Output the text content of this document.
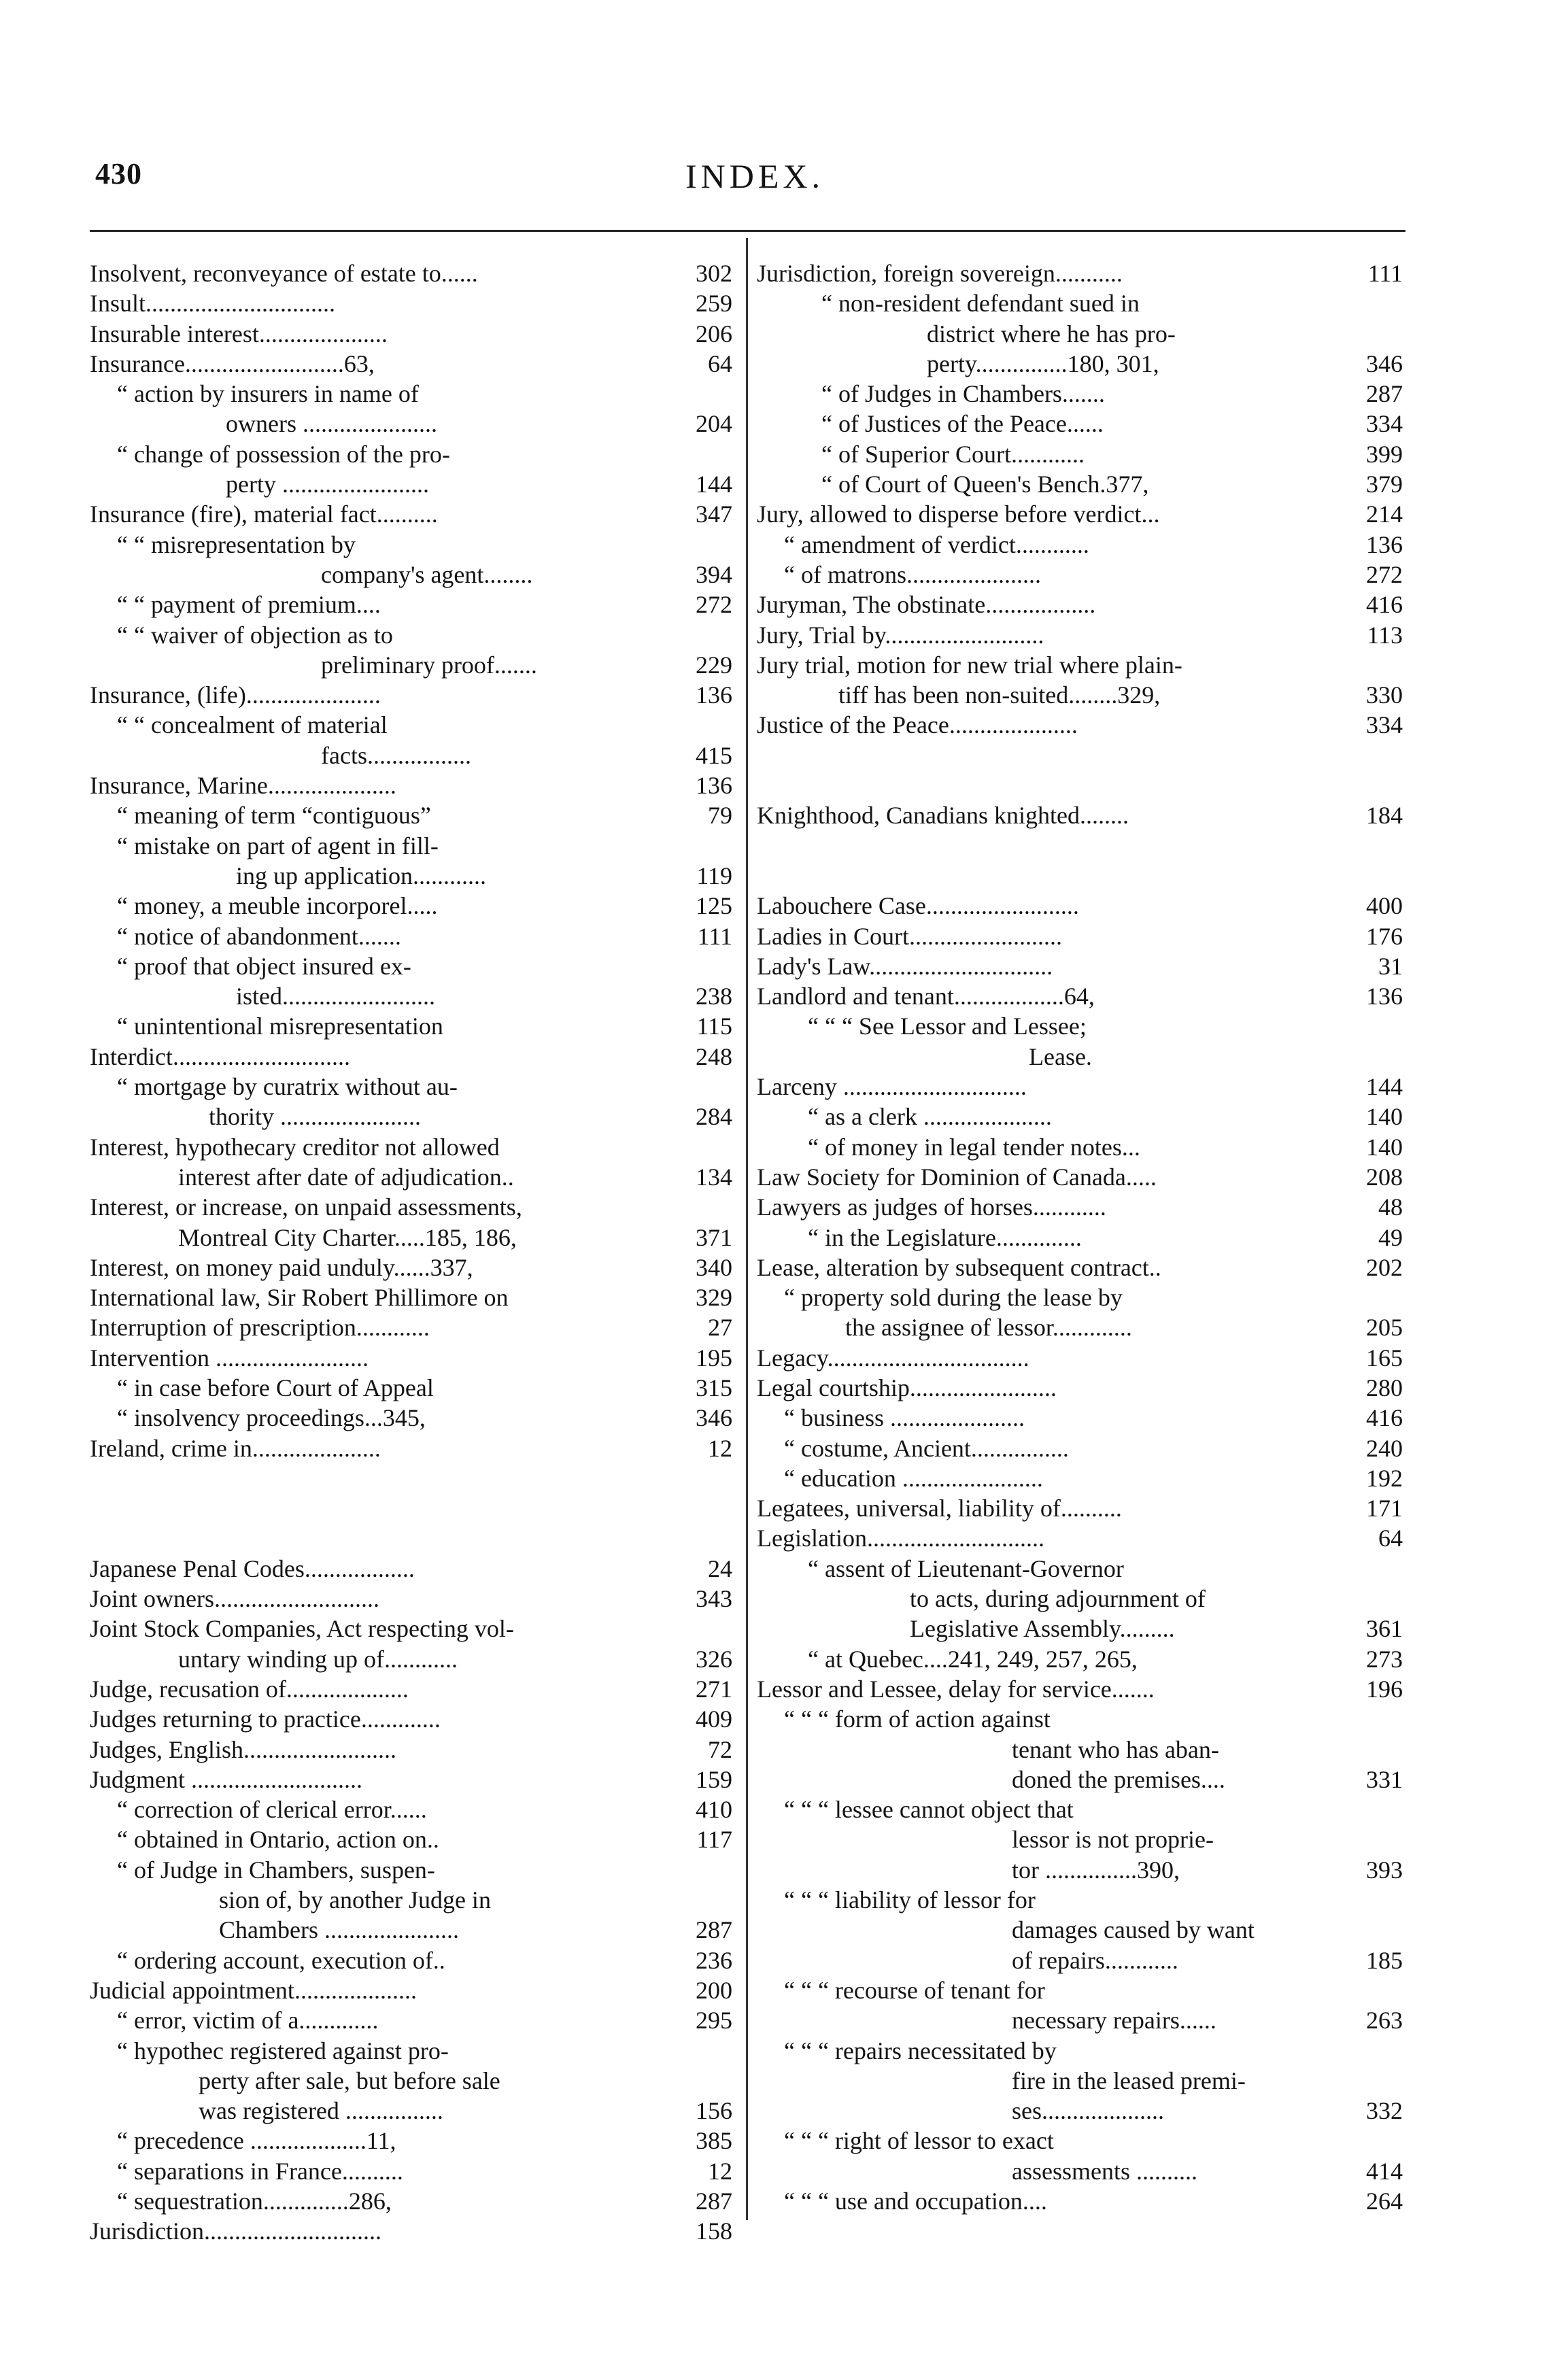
430	INDEX.
Insolvent, reconveyance of estate to......	302
Insult...............................	259
Insurable interest.....................	206
Insurance..........................63,	64
“ action by insurers in name of
owners ......................	204
“ change of possession of the pro-
perty ........................	144
Insurance (fire), material fact..........	347
“ “ misrepresentation by
company's agent........	394
“ “ payment of premium....	272
“ “ waiver of objection as to
preliminary proof.......	229
Insurance, (life)......................	136
“ “ concealment of material
facts.................	415
Insurance, Marine.....................	136
“ meaning of term “contiguous”	79
“ mistake on part of agent in fill-
ing up application............	119
“ money, a meuble incorporel.....	125
“ notice of abandonment.......	111
“ proof that object insured ex-
isted.........................	238
“ unintentional misrepresentation	115
Interdict.............................	248
“ mortgage by curatrix without au-
thority .......................	284
Interest, hypothecary creditor not allowed
interest after date of adjudication..	134
Interest, or increase, on unpaid assessments,
Montreal City Charter.....185, 186,	371
Interest, on money paid unduly......337,	340
International law, Sir Robert Phillimore on	329
Interruption of prescription............	27
Intervention .........................	195
“ in case before Court of Appeal	315
“ insolvency proceedings...345,	346
Ireland, crime in.....................	12
Japanese Penal Codes..................	24
Joint owners...........................	343
Joint Stock Companies, Act respecting vol-
untary winding up of............	326
Judge, recusation of....................	271
Judges returning to practice.............	409
Judges, English.........................	72
Judgment ............................	159
“ correction of clerical error......	410
“ obtained in Ontario, action on..	117
“ of Judge in Chambers, suspen-
sion of, by another Judge in
Chambers ......................	287
“ ordering account, execution of..	236
Judicial appointment....................	200
“ error, victim of a.............	295
“ hypothec registered against pro-
perty after sale, but before sale
was registered ................	156
“ precedence ...................11,	385
“ separations in France..........	12
“ sequestration..............286,	287
Jurisdiction.............................	158
Jurisdiction, foreign sovereign...........	111
“ non-resident defendant sued in
district where he has pro-
perty...............180, 301,	346
“ of Judges in Chambers.......	287
“ of Justices of the Peace......	334
“ of Superior Court............	399
“ of Court of Queen's Bench.377,	379
Jury, allowed to disperse before verdict...	214
“ amendment of verdict............	136
“ of matrons......................	272
Juryman, The obstinate..................	416
Jury, Trial by..........................	113
Jury trial, motion for new trial where plain-
tiff has been non-suited........329,	330
Justice of the Peace.....................	334
Knighthood, Canadians knighted........	184
Labouchere Case.........................	400
Ladies in Court.........................	176
Lady's Law..............................	31
Landlord and tenant..................64,	136
“ “ “ See Lessor and Lessee;
Lease.
Larceny ..............................	144
“ as a clerk .....................	140
“ of money in legal tender notes...	140
Law Society for Dominion of Canada.....	208
Lawyers as judges of horses............	48
“ in the Legislature..............	49
Lease, alteration by subsequent contract..	202
“ property sold during the lease by
the assignee of lessor.............	205
Legacy.................................	165
Legal courtship........................	280
“ business ......................	416
“ costume, Ancient................	240
“ education .......................	192
Legatees, universal, liability of..........	171
Legislation.............................	64
“ assent of Lieutenant-Governor
to acts, during adjournment of
Legislative Assembly.........	361
“ at Quebec....241, 249, 257, 265,	273
Lessor and Lessee, delay for service.......	196
“ “ “ form of action against
tenant who has aban-
doned the premises....	331
“ “ “ lessee cannot object that
lessor is not proprie-
tor ...............390,	393
“ “ “ liability of lessor for
damages caused by want
of repairs............	185
“ “ “ recourse of tenant for
necessary repairs......	263
“ “ “ repairs necessitated by
fire in the leased premi-
ses....................	332
“ “ “ right of lessor to exact
assessments ..........	414
“ “ “ use and occupation....	264
